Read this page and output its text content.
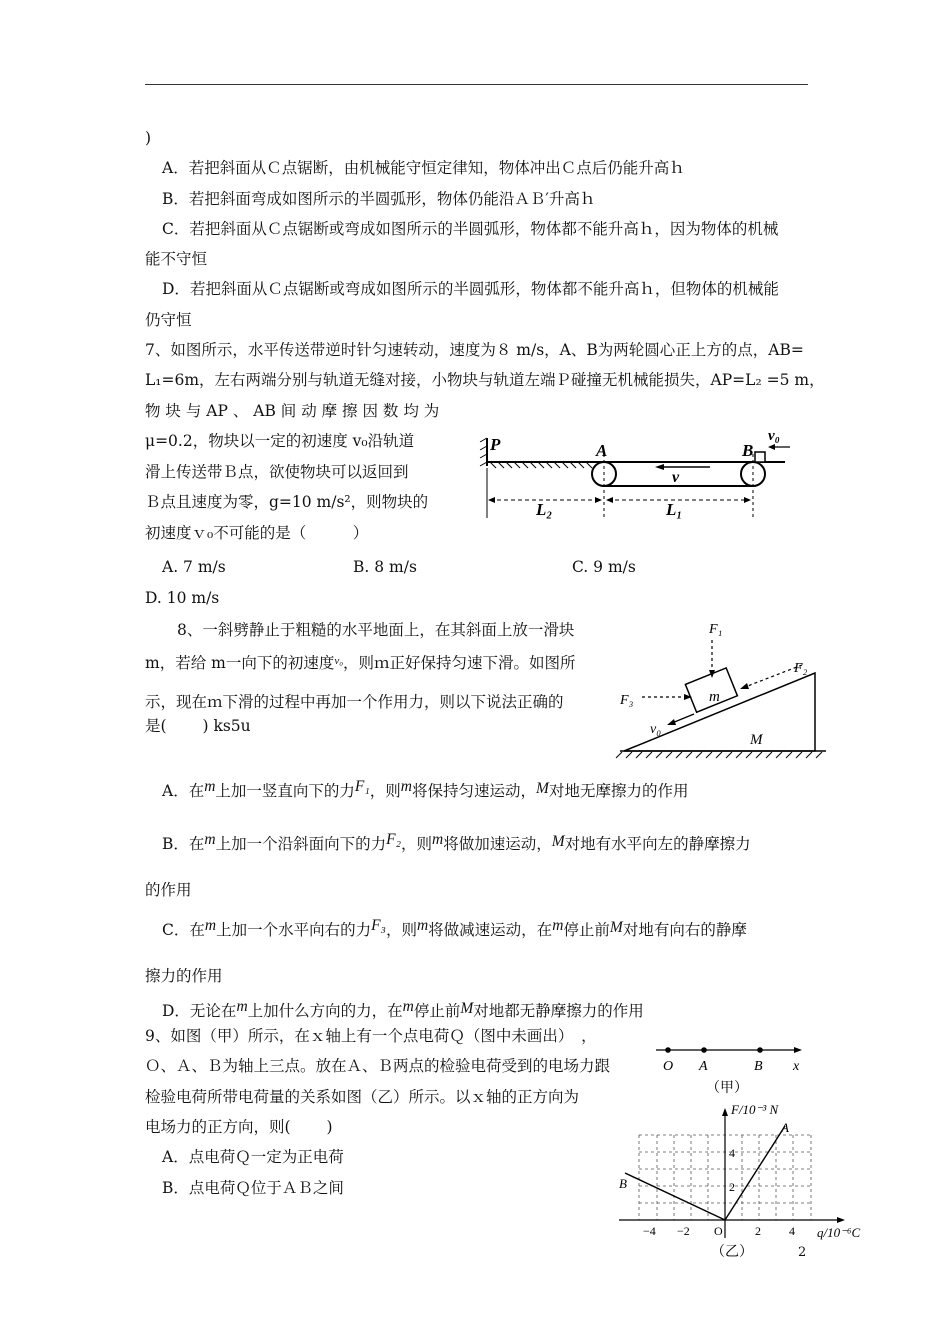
)
A．若把斜面从Ｃ点锯断，由机械能守恒定律知，物体冲出Ｃ点后仍能升高ｈ
B．若把斜面弯成如图所示的半圆弧形，物体仍能沿ＡＢ′升高ｈ
C．若把斜面从Ｃ点锯断或弯成如图所示的半圆弧形，物体都不能升高ｈ，因为物体的机械
能不守恒
D．若把斜面从Ｃ点锯断或弯成如图所示的半圆弧形，物体都不能升高ｈ，但物体的机械能
仍守恒
7、如图所示，水平传送带逆时针匀速转动，速度为８ m/s，A、B为两轮圆心正上方的点，AB=
L₁=6m，左右两端分别与轨道无缝对接，小物块与轨道左端Ｐ碰撞无机械能损失，AP=L₂ =5 m，
物 块 与 AP 、 AB 间 动 摩 擦 因 数 均 为
μ=0.2，物块以一定的初速度 v₀沿轨道
滑上传送带Ｂ点，欲使物块可以返回到
Ｂ点且速度为零，g=10 m/s²，则物块的
初速度ｖ₀不可能的是（　　　）
A. 7 m/s	B. 8 m/s	C. 9 m/s
D. 10 m/s
P	A	B
v₀
v
L₂	L₁
8、一斜劈静止于粗糙的水平地面上，在其斜面上放一滑块
m，若给 m一向下的初速度$^{v_0}$，则ｍ正好保持匀速下滑。如图所
示，现在ｍ下滑的过程中再加一个作用力，则以下说法正确的
是(　　 ) ks5u
F₁
F₂
F₃	m
v₀
M
A．在m上加一竖直向下的力F₁，则m将保持匀速运动，M对地无摩擦力的作用
B．在m上加一个沿斜面向下的力F₂，则m将做加速运动，M对地有水平向左的静摩擦力
的作用
C．在m上加一个水平向右的力F₃，则m将做减速运动，在m停止前M对地有向右的静摩
擦力的作用
D．无论在m上加什么方向的力，在m停止前M对地都无静摩擦力的作用
9、如图（甲）所示，在ｘ轴上有一个点电荷Ｑ（图中未画出）　，
Ｏ、Ａ、Ｂ为轴上三点。放在Ａ、Ｂ两点的检验电荷受到的电场力跟
检验电荷所带电荷量的关系如图（乙）所示。以ｘ轴的正方向为
电场力的正方向，则(　　 )
A．点电荷Ｑ一定为正电荷
B．点电荷Ｑ位于ＡＢ之间
O A	B x
（甲）
F/10⁻³ N
A
B
O
−4 −2	2 4
2
4
q/10⁻⁶C
（乙）	2
